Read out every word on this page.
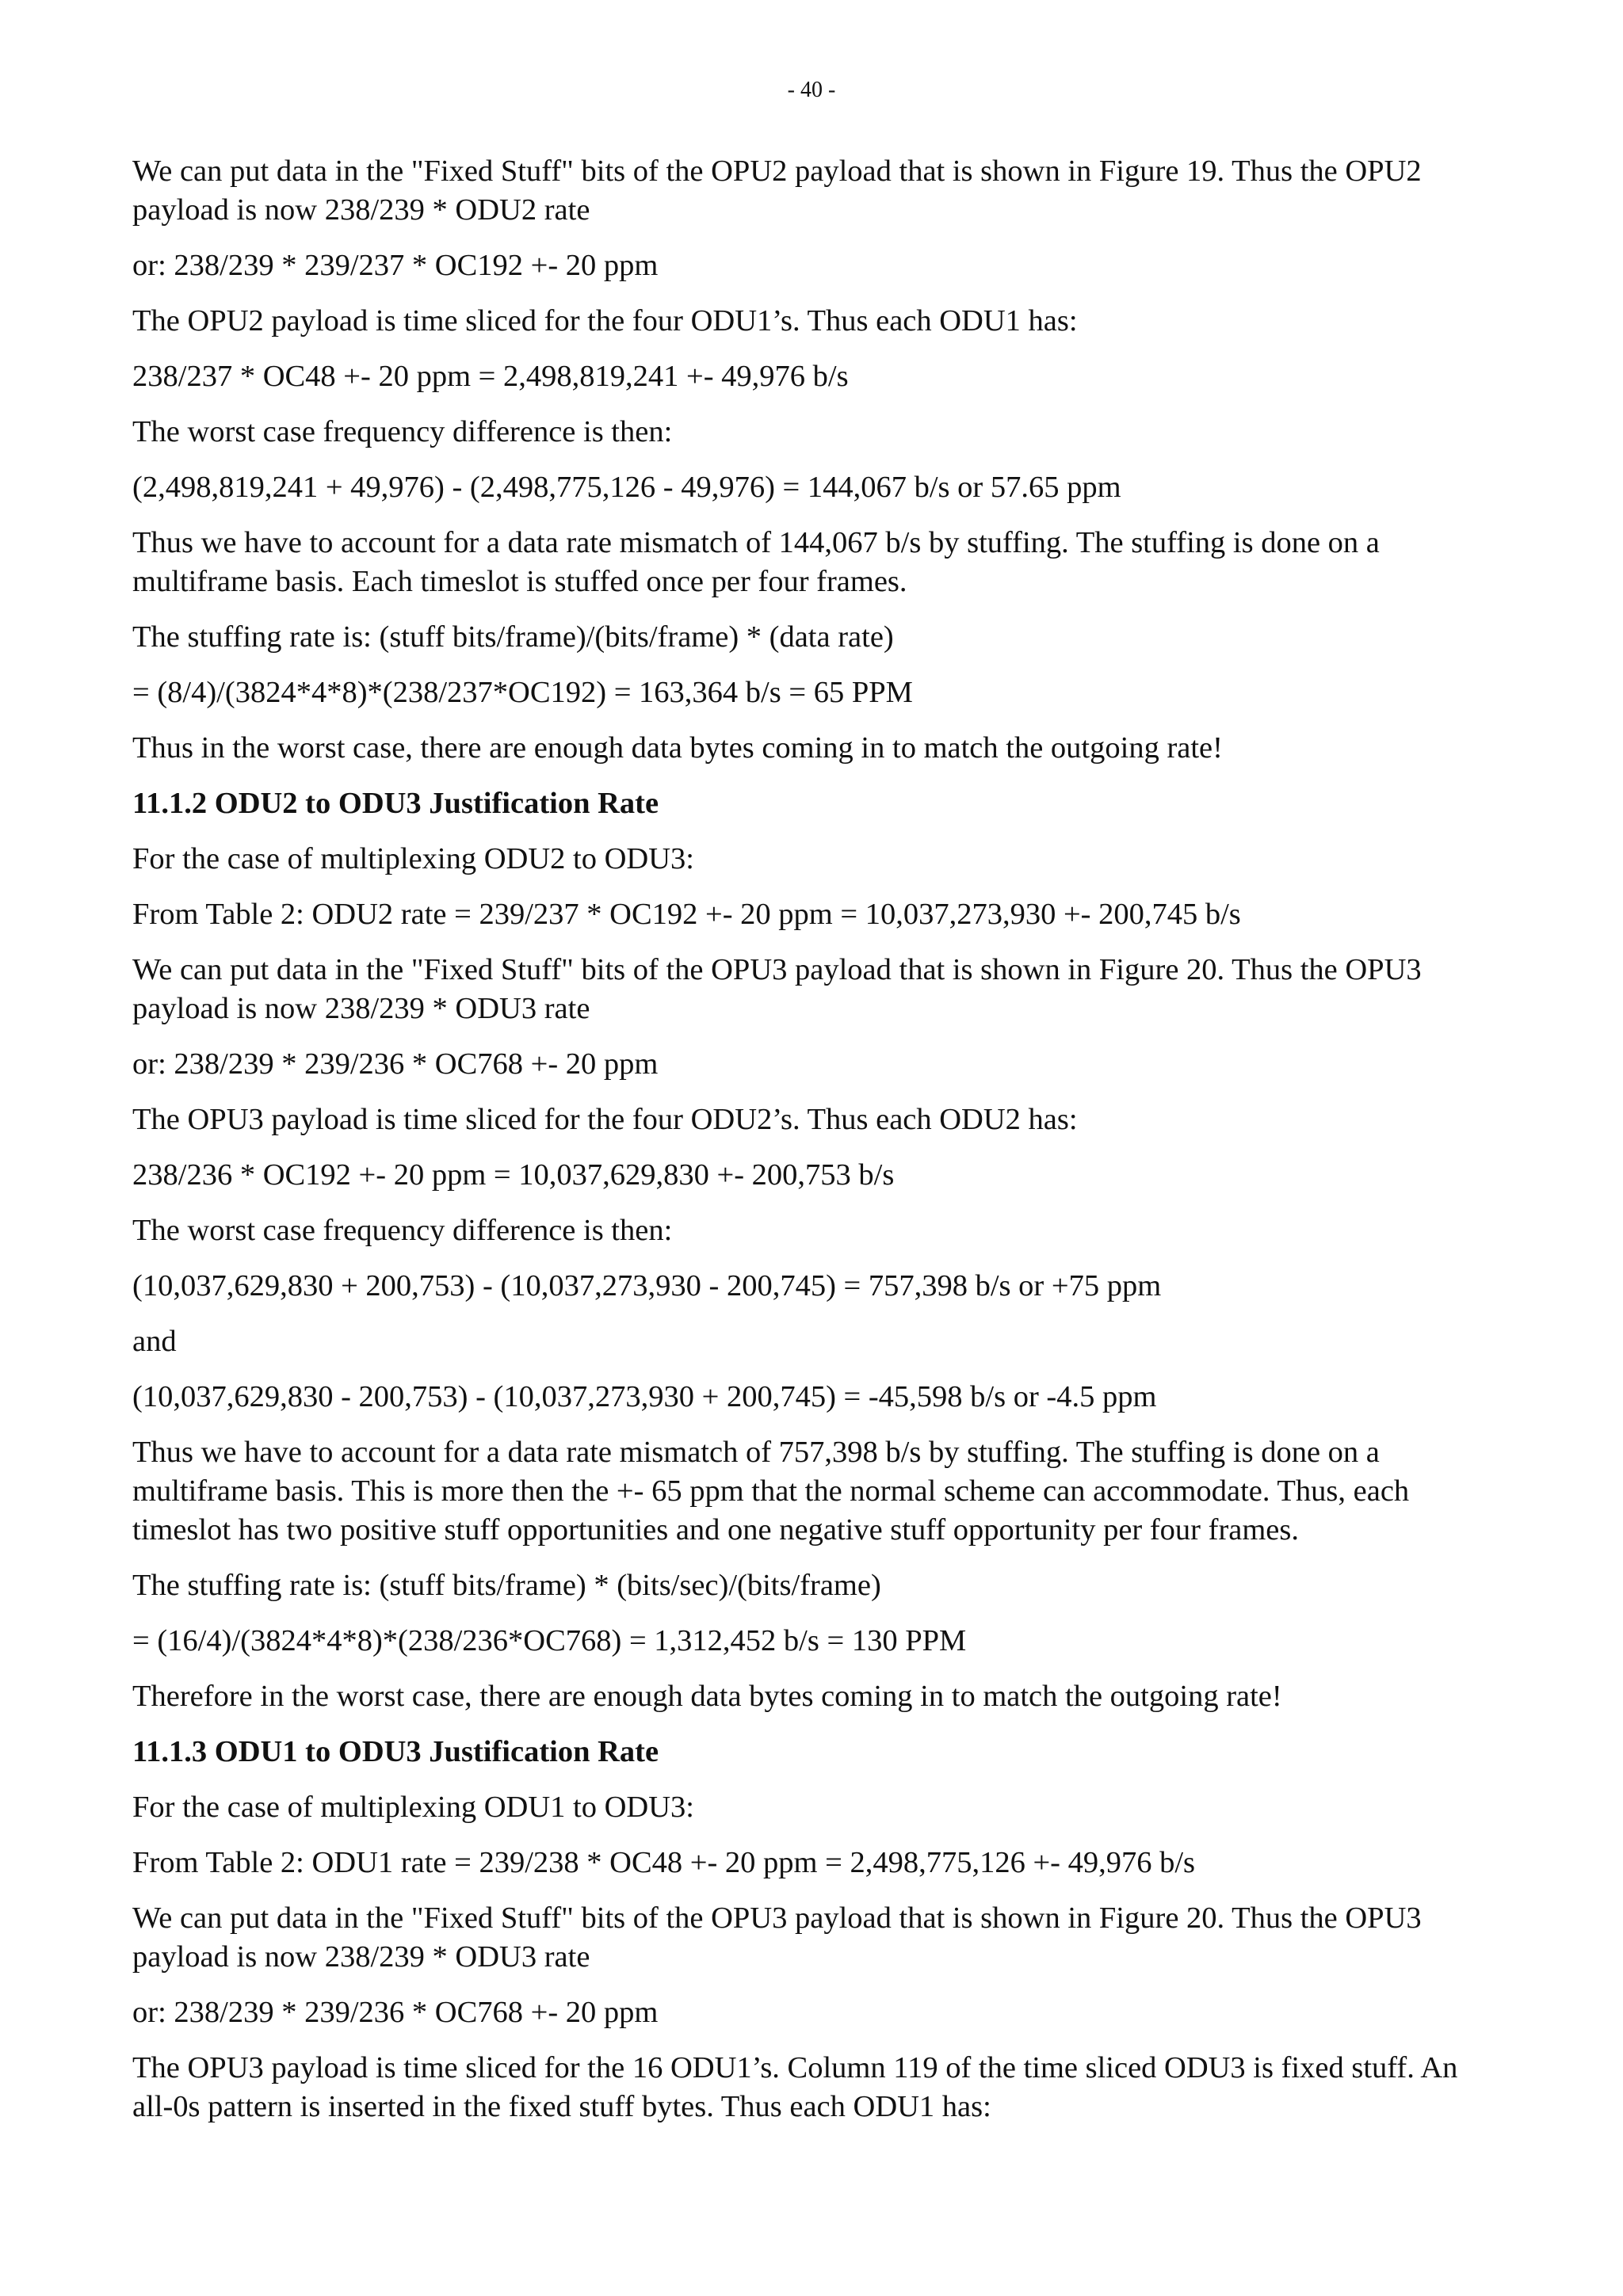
- 40 -
We can put data in the "Fixed Stuff" bits of the OPU2 payload that is shown in Figure 19. Thus the OPU2 payload is now 238/239 * ODU2 rate
or: 238/239 * 239/237 * OC192 +- 20 ppm
The OPU2 payload is time sliced for the four ODU1’s. Thus each ODU1 has:
238/237 * OC48 +- 20 ppm = 2,498,819,241 +- 49,976 b/s
The worst case frequency difference is then:
(2,498,819,241 + 49,976) - (2,498,775,126 - 49,976) = 144,067 b/s or 57.65 ppm
Thus we have to account for a data rate mismatch of 144,067 b/s by stuffing. The stuffing is done on a multiframe basis. Each timeslot is stuffed once per four frames.
The stuffing rate is: (stuff bits/frame)/(bits/frame) * (data rate)
= (8/4)/(3824*4*8)*(238/237*OC192) = 163,364 b/s = 65 PPM
Thus in the worst case, there are enough data bytes coming in to match the outgoing rate!
11.1.2 ODU2 to ODU3 Justification Rate
For the case of multiplexing ODU2 to ODU3:
From Table 2: ODU2 rate = 239/237 * OC192 +- 20 ppm = 10,037,273,930 +- 200,745 b/s
We can put data in the "Fixed Stuff" bits of the OPU3 payload that is shown in Figure 20. Thus the OPU3 payload is now 238/239 * ODU3 rate
or: 238/239 * 239/236 * OC768 +- 20 ppm
The OPU3 payload is time sliced for the four ODU2’s. Thus each ODU2 has:
238/236 * OC192 +- 20 ppm = 10,037,629,830 +- 200,753 b/s
The worst case frequency difference is then:
(10,037,629,830 + 200,753) - (10,037,273,930 - 200,745) = 757,398 b/s or +75 ppm
and
(10,037,629,830 - 200,753) - (10,037,273,930 + 200,745) = -45,598 b/s or -4.5 ppm
Thus we have to account for a data rate mismatch of 757,398 b/s by stuffing. The stuffing is done on a multiframe basis. This is more then the +- 65 ppm that the normal scheme can accommodate. Thus, each timeslot has two positive stuff opportunities and one negative stuff opportunity per four frames.
The stuffing rate is: (stuff bits/frame) * (bits/sec)/(bits/frame)
= (16/4)/(3824*4*8)*(238/236*OC768) = 1,312,452 b/s = 130 PPM
Therefore in the worst case, there are enough data bytes coming in to match the outgoing rate!
11.1.3 ODU1 to ODU3 Justification Rate
For the case of multiplexing ODU1 to ODU3:
From Table 2: ODU1 rate = 239/238 * OC48 +- 20 ppm = 2,498,775,126 +- 49,976 b/s
We can put data in the "Fixed Stuff" bits of the OPU3 payload that is shown in Figure 20. Thus the OPU3 payload is now 238/239 * ODU3 rate
or: 238/239 * 239/236 * OC768 +- 20 ppm
The OPU3 payload is time sliced for the 16 ODU1’s. Column 119 of the time sliced ODU3 is fixed stuff. An all-0s pattern is inserted in the fixed stuff bytes. Thus each ODU1 has:
